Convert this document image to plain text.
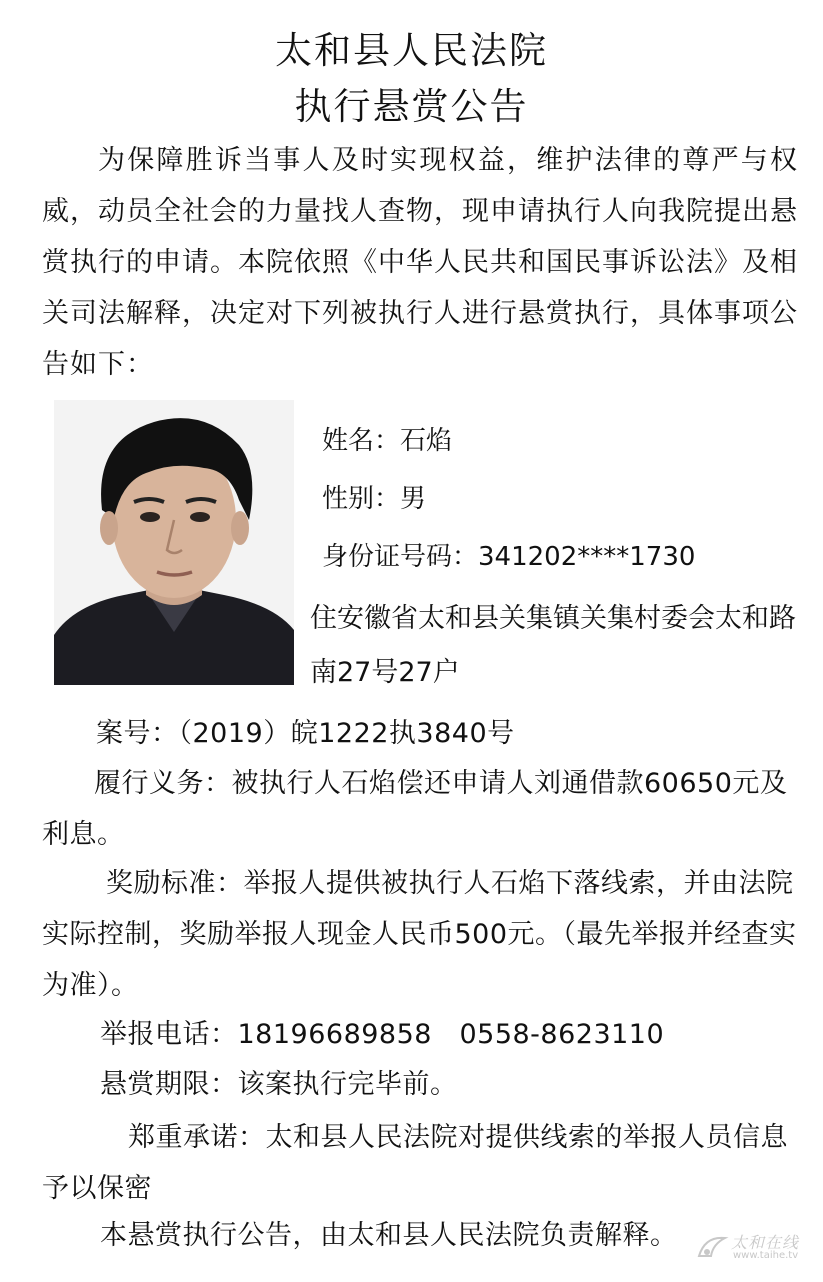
太和县人民法院
执行悬赏公告

为保障胜诉当事人及时实现权益，维护法律的尊严与权威，动员全社会的力量找人查物，现申请执行人向我院提出悬赏执行的申请。本院依照《中华人民共和国民事诉讼法》及相关司法解释，决定对下列被执行人进行悬赏执行，具体事项公告如下：

姓名：石焰
性别：男
身份证号码：341202****1730
住安徽省太和县关集镇关集村委会太和路南27号27户
案号：（2019）皖1222执3840号
履行义务：被执行人石焰偿还申请人刘通借款60650元及利息。
奖励标准：举报人提供被执行人石焰下落线索，并由法院实际控制，奖励举报人现金人民币500元。（最先举报并经查实为准）。
举报电话：18196689858　0558-8623110
悬赏期限：该案执行完毕前。
郑重承诺：太和县人民法院对提供线索的举报人员信息予以保密
本悬赏执行公告，由太和县人民法院负责解释。	太和在线
www.taihe.tv
